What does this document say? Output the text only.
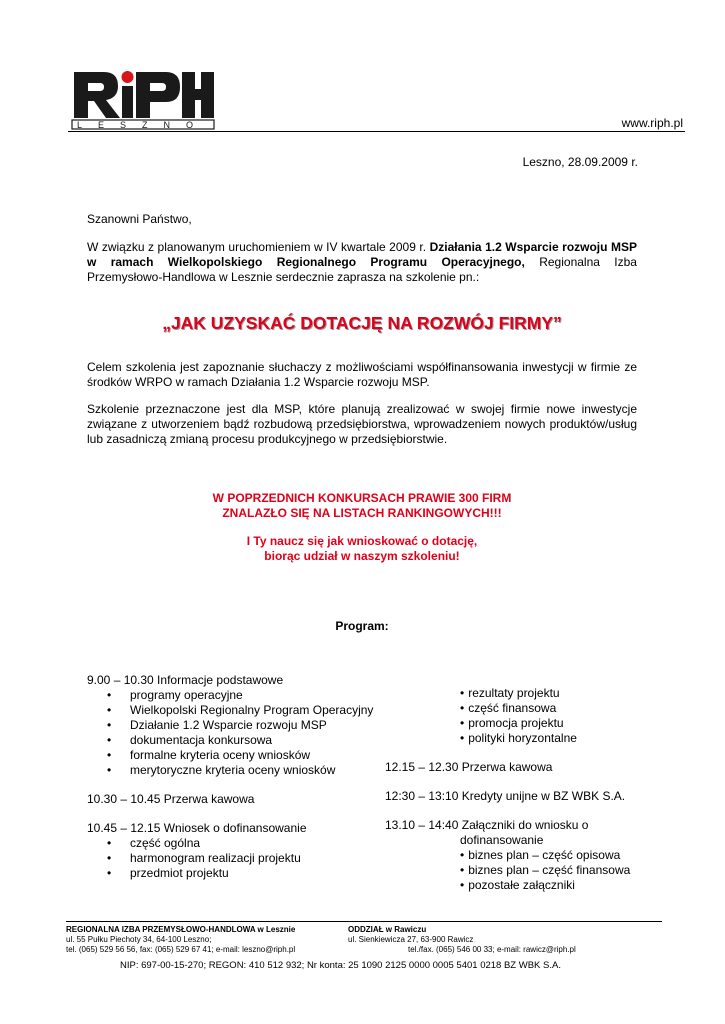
LESZNO	www.riph.pl
Leszno, 28.09.2009 r.
Szanowni Państwo,
W związku z planowanym uruchomieniem w IV kwartale 2009 r. Działania 1.2 Wsparcie rozwoju MSP w ramach Wielkopolskiego Regionalnego Programu Operacyjnego, Regionalna Izba Przemysłowo-Handlowa w Lesznie serdecznie zaprasza na szkolenie pn.:
„JAK UZYSKAĆ DOTACJĘ NA ROZWÓJ FIRMY”
Celem szkolenia jest zapoznanie słuchaczy z możliwościami współfinansowania inwestycji w firmie ze środków WRPO w ramach Działania 1.2 Wsparcie rozwoju MSP.
Szkolenie przeznaczone jest dla MSP, które planują zrealizować w swojej firmie nowe inwestycje związane z utworzeniem bądź rozbudową przedsiębiorstwa, wprowadzeniem nowych produktów/usług lub zasadniczą zmianą procesu produkcyjnego w przedsiębiorstwie.
W POPRZEDNICH KONKURSACH PRAWIE 300 FIRM
ZNALAZŁO SIĘ NA LISTACH RANKINGOWYCH!!!
I Ty naucz się jak wnioskować o dotację,
biorąc udział w naszym szkoleniu!
Program:
9.00 – 10.30 Informacje podstawowe
• programy operacyjne
• Wielkopolski Regionalny Program Operacyjny
• Działanie 1.2 Wsparcie rozwoju MSP
• dokumentacja konkursowa
• formalne kryteria oceny wniosków
• merytoryczne kryteria oceny wniosków
10.30 – 10.45 Przerwa kawowa
10.45 – 12.15 Wniosek o dofinansowanie
• część ogólna
• harmonogram realizacji projektu
• przedmiot projektu
• rezultaty projektu
• część finansowa
• promocja projektu
• polityki horyzontalne
12.15 – 12.30 Przerwa kawowa
12:30 – 13:10 Kredyty unijne w BZ WBK S.A.
13.10 – 14:40 Załączniki do wniosku o
dofinansowanie
• biznes plan – część opisowa
• biznes plan – część finansowa
• pozostałe załączniki
REGIONALNA IZBA PRZEMYSŁOWO-HANDLOWA w Lesznie
ul. 55 Pułku Piechoty 34, 64-100 Leszno;
tel. (065) 529 56 56, fax: (065) 529 67 41; e-mail: leszno@riph.pl
ODDZIAŁ w Rawiczu
ul. Sienkiewicza 27, 63-900 Rawicz
tel./fax. (065) 546 00 33; e-mail: rawicz@riph.pl
NIP: 697-00-15-270; REGON: 410 512 932; Nr konta: 25 1090 2125 0000 0005 5401 0218 BZ WBK S.A.
